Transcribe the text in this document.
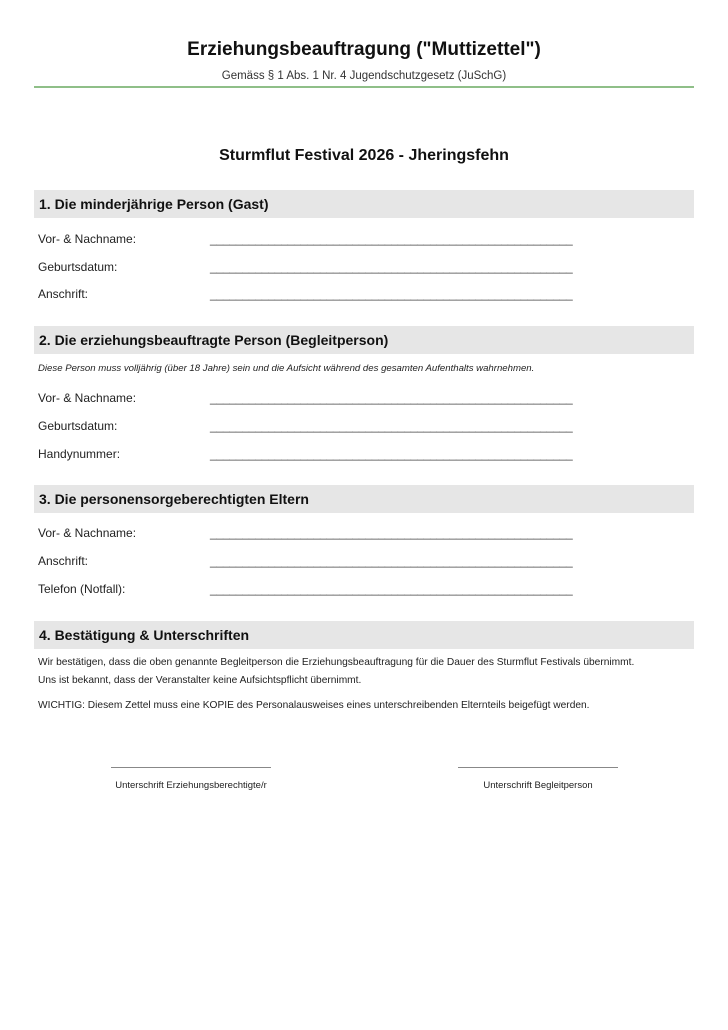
Erziehungsbeauftragung ("Muttizettel")
Gemäss § 1 Abs. 1 Nr. 4 Jugendschutzgesetz (JuSchG)
Sturmflut Festival 2026 - Jheringsfehn
1. Die minderjährige Person (Gast)
Vor- & Nachname:	________________________________________________________
Geburtsdatum:	________________________________________________________
Anschrift:	________________________________________________________
2. Die erziehungsbeauftragte Person (Begleitperson)
Diese Person muss volljährig (über 18 Jahre) sein und die Aufsicht während des gesamten Aufenthalts wahrnehmen.
Vor- & Nachname:	________________________________________________________
Geburtsdatum:	________________________________________________________
Handynummer:	________________________________________________________
3. Die personensorgeberechtigten Eltern
Vor- & Nachname:	________________________________________________________
Anschrift:	________________________________________________________
Telefon (Notfall):	________________________________________________________
4. Bestätigung & Unterschriften
Wir bestätigen, dass die oben genannte Begleitperson die Erziehungsbeauftragung für die Dauer des Sturmflut Festivals übernimmt.
Uns ist bekannt, dass der Veranstalter keine Aufsichtspflicht übernimmt.
WICHTIG: Diesem Zettel muss eine KOPIE des Personalausweises eines unterschreibenden Elternteils beigefügt werden.
Unterschrift Erziehungsberechtigte/r	Unterschrift Begleitperson
